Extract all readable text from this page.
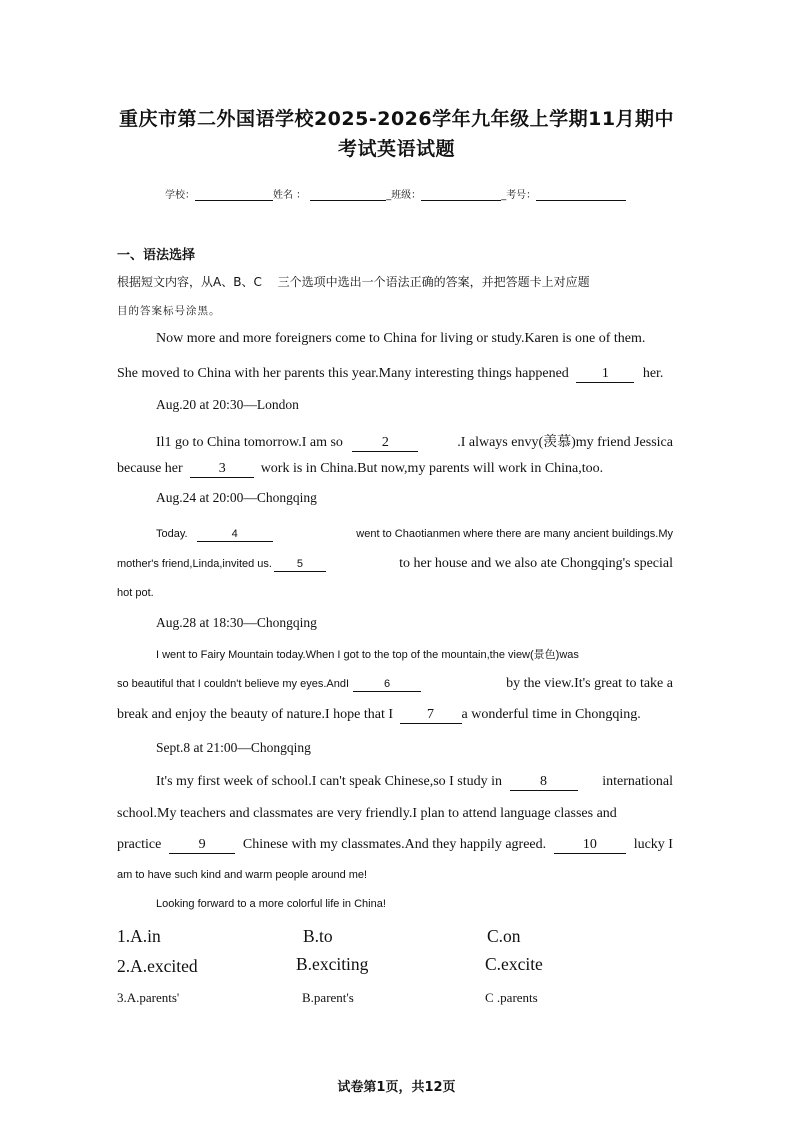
重庆市第二外国语学校2025-2026学年九年级上学期11月期中
考试英语试题
学校：	姓名 ：	_班级：	_考号：
一、语法选择
根据短文内容，从A、B、C　 三个选项中选出一个语法正确的答案，并把答题卡上对应题
目的答案标号涂黑。
Now more and more foreigners come to China for living or study.Karen is one of them.
She moved to China with her parents this year.Many interesting things happened 1 her.
Aug.20 at 20:30—London
Il1 go to China tomorrow.I am so	2	.I always envy(羡慕)my friend Jessica
because her	3	work is in China.But now,my parents will work in China,too.
Aug.24 at 20:00—Chongqing
Today.	4	went to Chaotianmen where there are many ancient buildings.My
mother's friend,Linda,invited us. 5	to her house and we also ate Chongqing's special
hot pot.
Aug.28 at 18:30—Chongqing
I went to Fairy Mountain today.When I got to the top of the mountain,the view(景色)was
so beautiful that I couldn't believe my eyes.AndI	6	by the view.It's great to take a
break and enjoy the beauty of nature.I hope that I 7 a wonderful time in Chongqing.
Sept.8 at 21:00—Chongqing
It's my first week of school.I can't speak Chinese,so I study in	8	international
school.My teachers and classmates are very friendly.I plan to attend language classes and
practice	9	Chinese with my classmates.And they happily agreed.	10	lucky I
am to have such kind and warm people around me!
Looking forward to a more colorful life in China!
1.A.in	B.to	C.on
2.A.excited	B.exciting	C.excite
3.A.parents'	B.parent's	C .parents
试卷第1页，共12页
